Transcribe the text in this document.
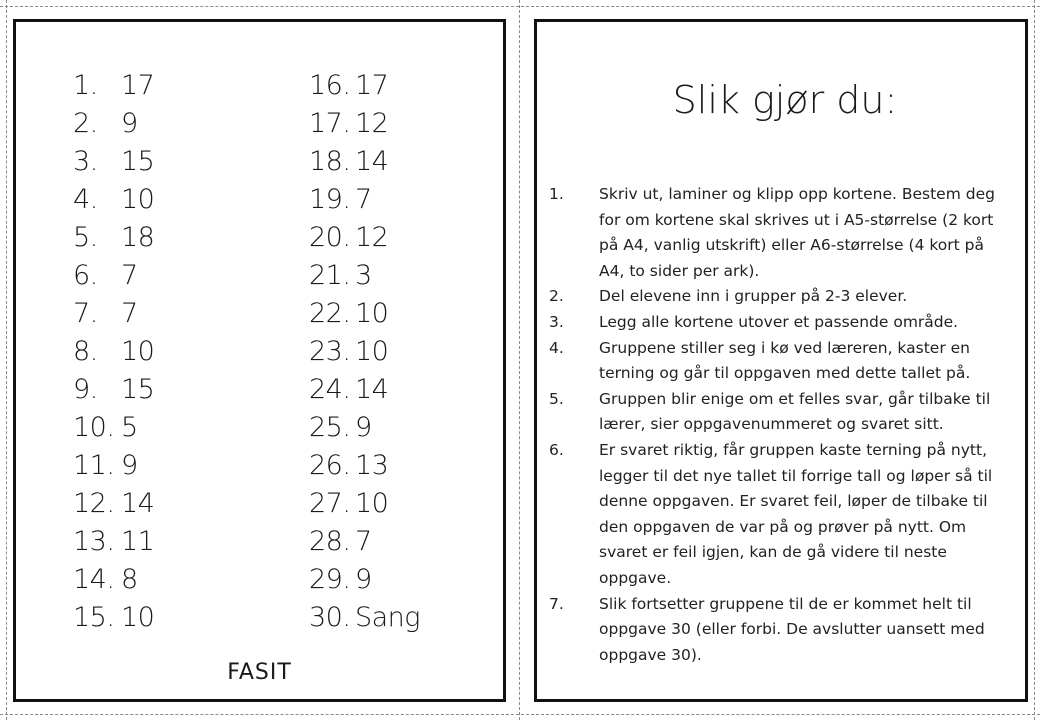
1. 17
2. 9
3. 15
4. 10
5. 18
6. 7
7. 7
8. 10
9. 15
10. 5
11. 9
12. 14
13. 11
14. 8
15. 10
16. 17
17. 12
18. 14
19. 7
20. 12
21. 3
22. 10
23. 10
24. 14
25. 9
26. 13
27. 10
28. 7
29. 9
30. Sang
FASIT
Slik gjør du:
1. Skriv ut, laminer og klipp opp kortene. Bestem deg for om kortene skal skrives ut i A5-størrelse (2 kort på A4, vanlig utskrift) eller A6-størrelse (4 kort på A4, to sider per ark).
2. Del elevene inn i grupper på 2-3 elever.
3. Legg alle kortene utover et passende område.
4. Gruppene stiller seg i kø ved læreren, kaster en terning og går til oppgaven med dette tallet på.
5. Gruppen blir enige om et felles svar, går tilbake til lærer, sier oppgavenummeret og svaret sitt.
6. Er svaret riktig, får gruppen kaste terning på nytt, legger til det nye tallet til forrige tall og løper så til denne oppgaven. Er svaret feil, løper de tilbake til den oppgaven de var på og prøver på nytt. Om svaret er feil igjen, kan de gå videre til neste oppgave.
7. Slik fortsetter gruppene til de er kommet helt til oppgave 30 (eller forbi. De avslutter uansett med oppgave 30).
